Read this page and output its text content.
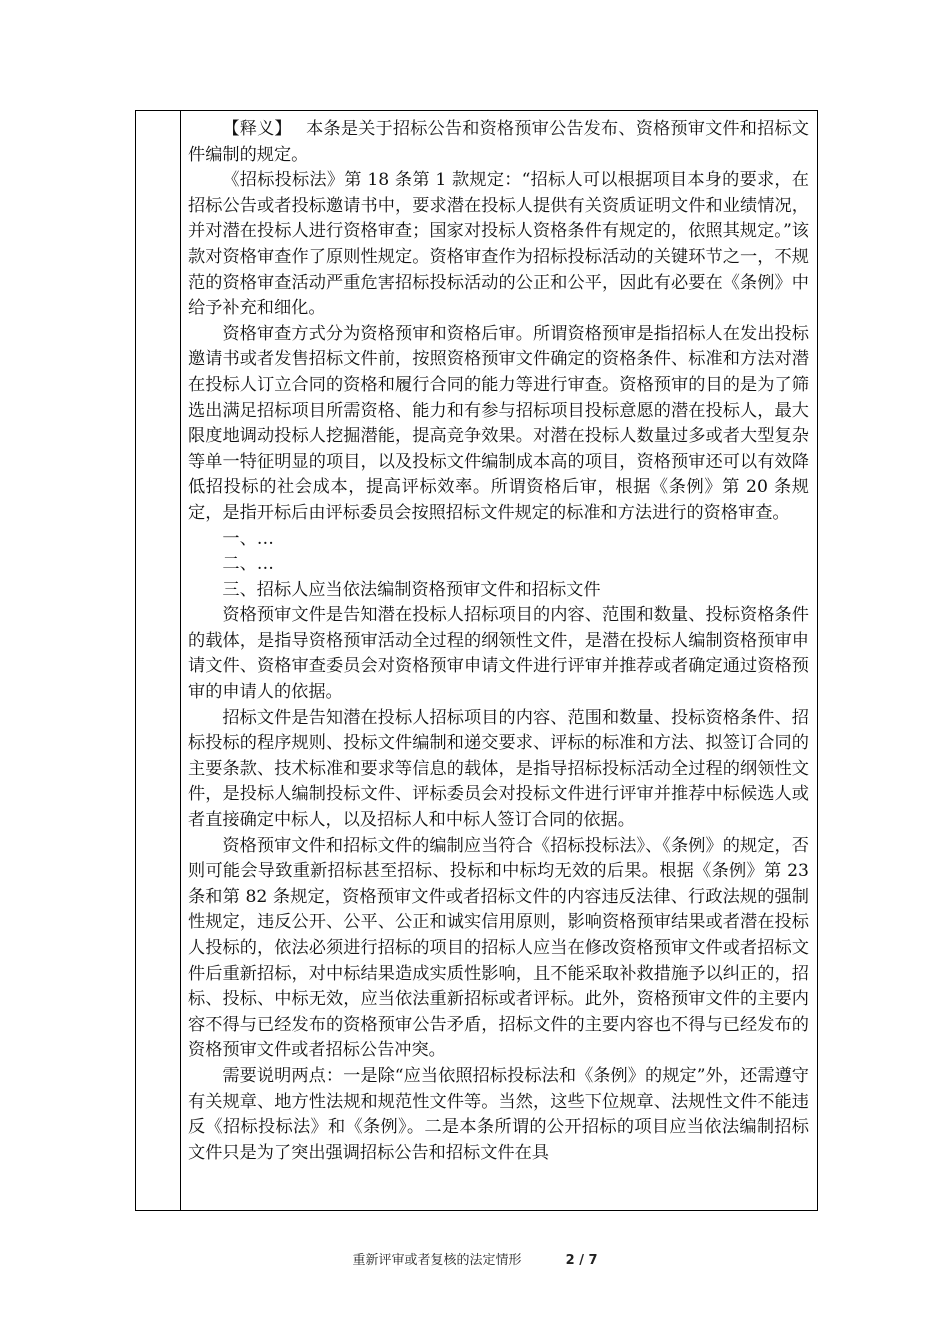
【释义】　 本条是关于招标公告和资格预审公告发布、资格预审文件和招标文件编制的规定。

《招标投标法》第 18 条第 1 款规定：“招标人可以根据项目本身的要求，在招标公告或者投标邀请书中，要求潜在投标人提供有关资质证明文件和业绩情况，并对潜在投标人进行资格审查；国家对投标人资格条件有规定的，依照其规定。”该款对资格审查作了原则性规定。资格审查作为招标投标活动的关键环节之一，不规范的资格审查活动严重危害招标投标活动的公正和公平，因此有必要在《条例》中给予补充和细化。

资格审查方式分为资格预审和资格后审。所谓资格预审是指招标人在发出投标邀请书或者发售招标文件前，按照资格预审文件确定的资格条件、标准和方法对潜在投标人订立合同的资格和履行合同的能力等进行审查。资格预审的目的是为了筛选出满足招标项目所需资格、能力和有参与招标项目投标意愿的潜在投标人，最大限度地调动投标人挖掘潜能，提高竞争效果。对潜在投标人数量过多或者大型复杂等单一特征明显的项目，以及投标文件编制成本高的项目，资格预审还可以有效降低招投标的社会成本，提高评标效率。所谓资格后审，根据《条例》第 20 条规定，是指开标后由评标委员会按照招标文件规定的标准和方法进行的资格审查。

一、…

二、…

三、招标人应当依法编制资格预审文件和招标文件

资格预审文件是告知潜在投标人招标项目的内容、范围和数量、投标资格条件的载体，是指导资格预审活动全过程的纲领性文件，是潜在投标人编制资格预审申请文件、资格审查委员会对资格预审申请文件进行评审并推荐或者确定通过资格预审的申请人的依据。

招标文件是告知潜在投标人招标项目的内容、范围和数量、投标资格条件、招标投标的程序规则、投标文件编制和递交要求、评标的标准和方法、拟签订合同的主要条款、技术标准和要求等信息的载体，是指导招标投标活动全过程的纲领性文件，是投标人编制投标文件、评标委员会对投标文件进行评审并推荐中标候选人或者直接确定中标人，以及招标人和中标人签订合同的依据。

资格预审文件和招标文件的编制应当符合《招标投标法》、《条例》的规定，否则可能会导致重新招标甚至招标、投标和中标均无效的后果。根据《条例》第 23 条和第 82 条规定，资格预审文件或者招标文件的内容违反法律、行政法规的强制性规定，违反公开、公平、公正和诚实信用原则，影响资格预审结果或者潜在投标人投标的，依法必须进行招标的项目的招标人应当在修改资格预审文件或者招标文件后重新招标，对中标结果造成实质性影响，且不能采取补救措施予以纠正的，招标、投标、中标无效，应当依法重新招标或者评标。此外，资格预审文件的主要内容不得与已经发布的资格预审公告矛盾，招标文件的主要内容也不得与已经发布的资格预审文件或者招标公告冲突。

需要说明两点：一是除“应当依照招标投标法和《条例》的规定”外，还需遵守有关规章、地方性法规和规范性文件等。当然，这些下位规章、法规性文件不能违反《招标投标法》和《条例》。二是本条所谓的公开招标的项目应当依法编制招标文件只是为了突出强调招标公告和招标文件在具

重新评审或者复核的法定情形	2 / 7
